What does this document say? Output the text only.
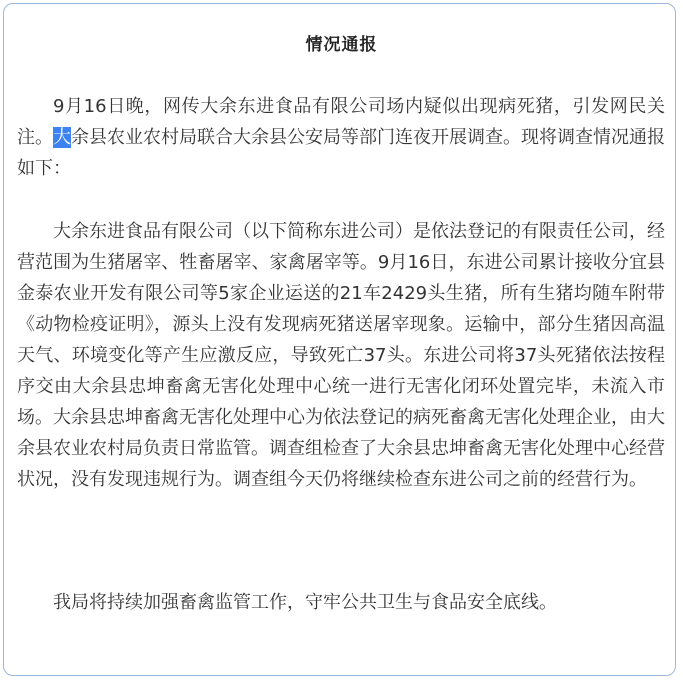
情况通报

9月16日晚，网传大余东进食品有限公司场内疑似出现病死猪，引发网民关注。大余县农业农村局联合大余县公安局等部门连夜开展调查。现将调查情况通报如下：

大余东进食品有限公司（以下简称东进公司）是依法登记的有限责任公司，经营范围为生猪屠宰、牲畜屠宰、家禽屠宰等。9月16日，东进公司累计接收分宜县金泰农业开发有限公司等5家企业运送的21车2429头生猪，所有生猪均随车附带《动物检疫证明》，源头上没有发现病死猪送屠宰现象。运输中，部分生猪因高温天气、环境变化等产生应激反应，导致死亡37头。东进公司将37头死猪依法按程序交由大余县忠坤畜禽无害化处理中心统一进行无害化闭环处置完毕，未流入市场。大余县忠坤畜禽无害化处理中心为依法登记的病死畜禽无害化处理企业，由大余县农业农村局负责日常监管。调查组检查了大余县忠坤畜禽无害化处理中心经营状况，没有发现违规行为。调查组今天仍将继续检查东进公司之前的经营行为。

我局将持续加强畜禽监管工作，守牢公共卫生与食品安全底线。
